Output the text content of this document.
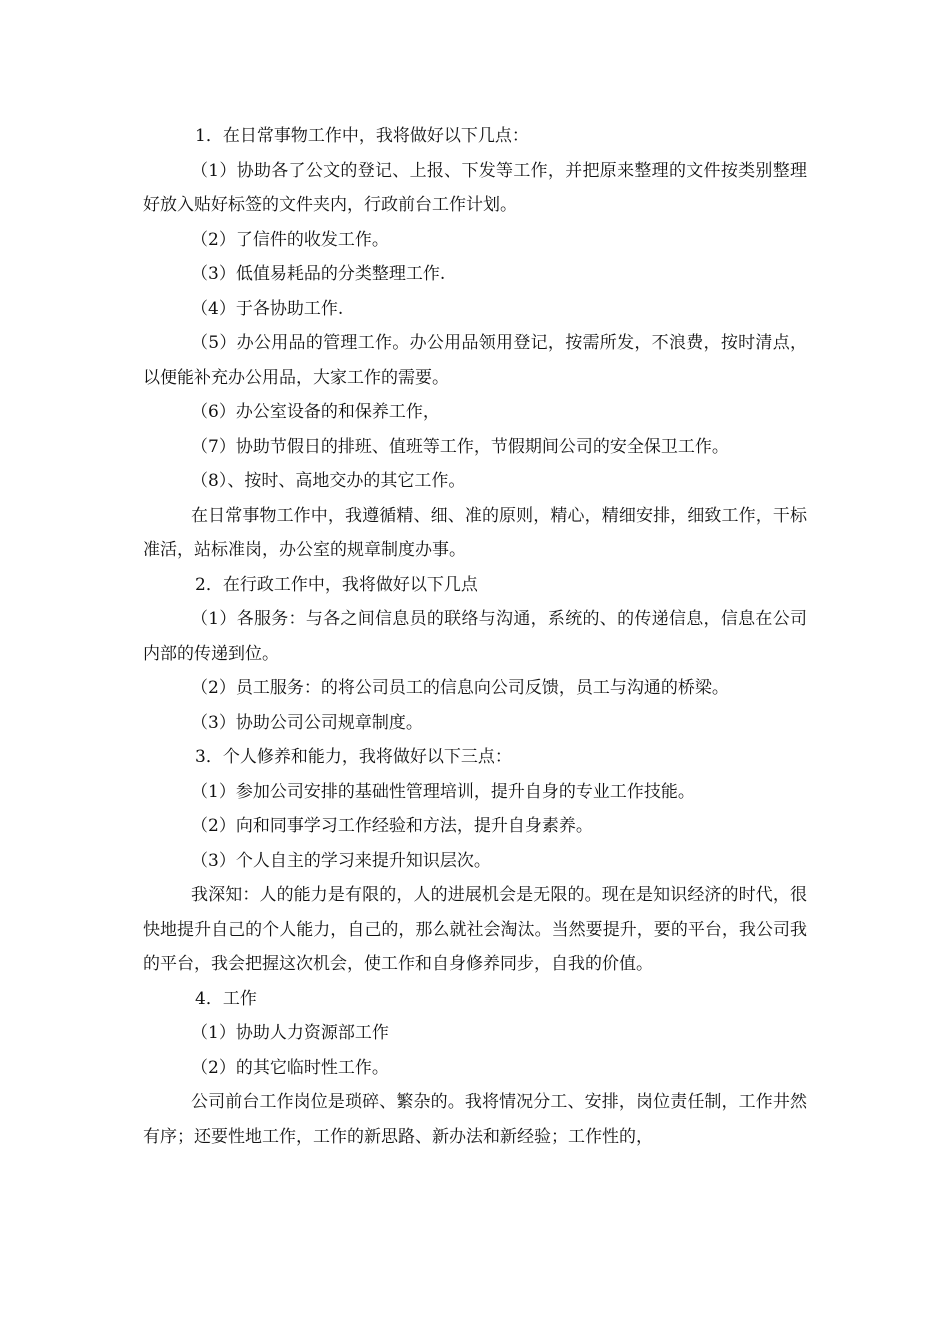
1．在日常事物工作中，我将做好以下几点：

（1）协助各了公文的登记、上报、下发等工作，并把原来整理的文件按类别整理好放入贴好标签的文件夹内，行政前台工作计划。

（2）了信件的收发工作。

（3）低值易耗品的分类整理工作.

（4）于各协助工作.

（5）办公用品的管理工作。办公用品领用登记，按需所发，不浪费，按时清点，以便能补充办公用品，大家工作的需要。

（6）办公室设备的和保养工作，

（7）协助节假日的排班、值班等工作，节假期间公司的安全保卫工作。

（8）、按时、高地交办的其它工作。

在日常事物工作中，我遵循精、细、准的原则，精心，精细安排，细致工作，干标准活，站标准岗，办公室的规章制度办事。

2．在行政工作中，我将做好以下几点

（1）各服务：与各之间信息员的联络与沟通，系统的、的传递信息，信息在公司内部的传递到位。

（2）员工服务：的将公司员工的信息向公司反馈，员工与沟通的桥梁。

（3）协助公司公司规章制度。

3．个人修养和能力，我将做好以下三点：

（1）参加公司安排的基础性管理培训，提升自身的专业工作技能。

（2）向和同事学习工作经验和方法，提升自身素养。

（3）个人自主的学习来提升知识层次。

我深知：人的能力是有限的，人的进展机会是无限的。现在是知识经济的时代，很快地提升自己的个人能力，自己的，那么就社会淘汰。当然要提升，要的平台，我公司我的平台，我会把握这次机会，使工作和自身修养同步，自我的价值。

4．工作

（1）协助人力资源部工作

（2）的其它临时性工作。

公司前台工作岗位是琐碎、繁杂的。我将情况分工、安排，岗位责任制，工作井然有序；还要性地工作，工作的新思路、新办法和新经验；工作性的，
